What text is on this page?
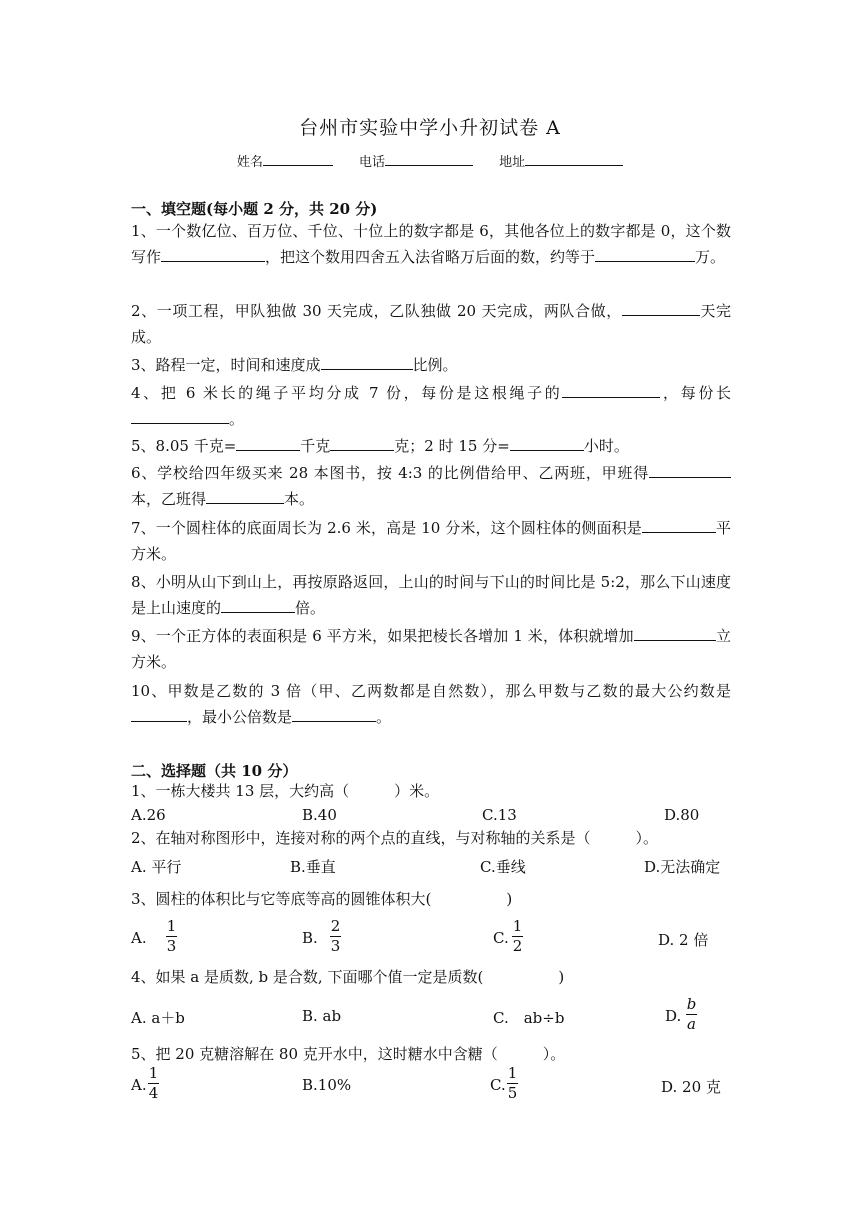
台州市实验中学小升初试卷 A
姓名	电话	地址
一、填空题(每小题 2 分，共 20 分)
1、一个数亿位、百万位、千位、十位上的数字都是 6，其他各位上的数字都是 0，这个数写作	，把这个数用四舍五入法省略万后面的数，约等于	万。
2、一项工程，甲队独做 30 天完成，乙队独做 20 天完成，两队合做，	天完成。
3、路程一定，时间和速度成	比例。
4、把 6 米长的绳子平均分成 7 份，每份是这根绳子的	，每份长。
5、8.05 千克=	千克	克；2 时 15 分=	小时。
6、学校给四年级买来 28 本图书，按 4:3 的比例借给甲、乙两班，甲班得本，乙班得	本。
7、一个圆柱体的底面周长为 2.6 米，高是 10 分米，这个圆柱体的侧面积是	平方米。
8、小明从山下到山上，再按原路返回，上山的时间与下山的时间比是 5:2，那么下山速度是上山速度的	倍。
9、一个正方体的表面积是 6 平方米，如果把棱长各增加 1 米，体积就增加	立方米。
10、甲数是乙数的 3 倍（甲、乙两数都是自然数），那么甲数与乙数的最大公约数是，最小公倍数是	。
二、选择题（共 10 分）
1、一栋大楼共 13 层，大约高（　　　）米。
A.26	B.40	C.13	D.80
2、在轴对称图形中，连接对称的两个点的直线，与对称轴的关系是（　　　）。
A. 平行	B.垂直	C.垂线	D.无法确定
3、圆柱的体积比与它等底等高的圆锥体积大(　　　　　)
A.
1
3	B.
2
3	C.
1
2	D. 2 倍
4、如果 a 是质数, b 是合数, 下面哪个值一定是质数(　　　　　)
A. a＋b	B. ab	C.　ab÷b	D.
b
a
5、把 20 克糖溶解在 80 克开水中，这时糖水中含糖（　　　）。
A.
1
4	B.10%	C.
1
5	D. 20 克
